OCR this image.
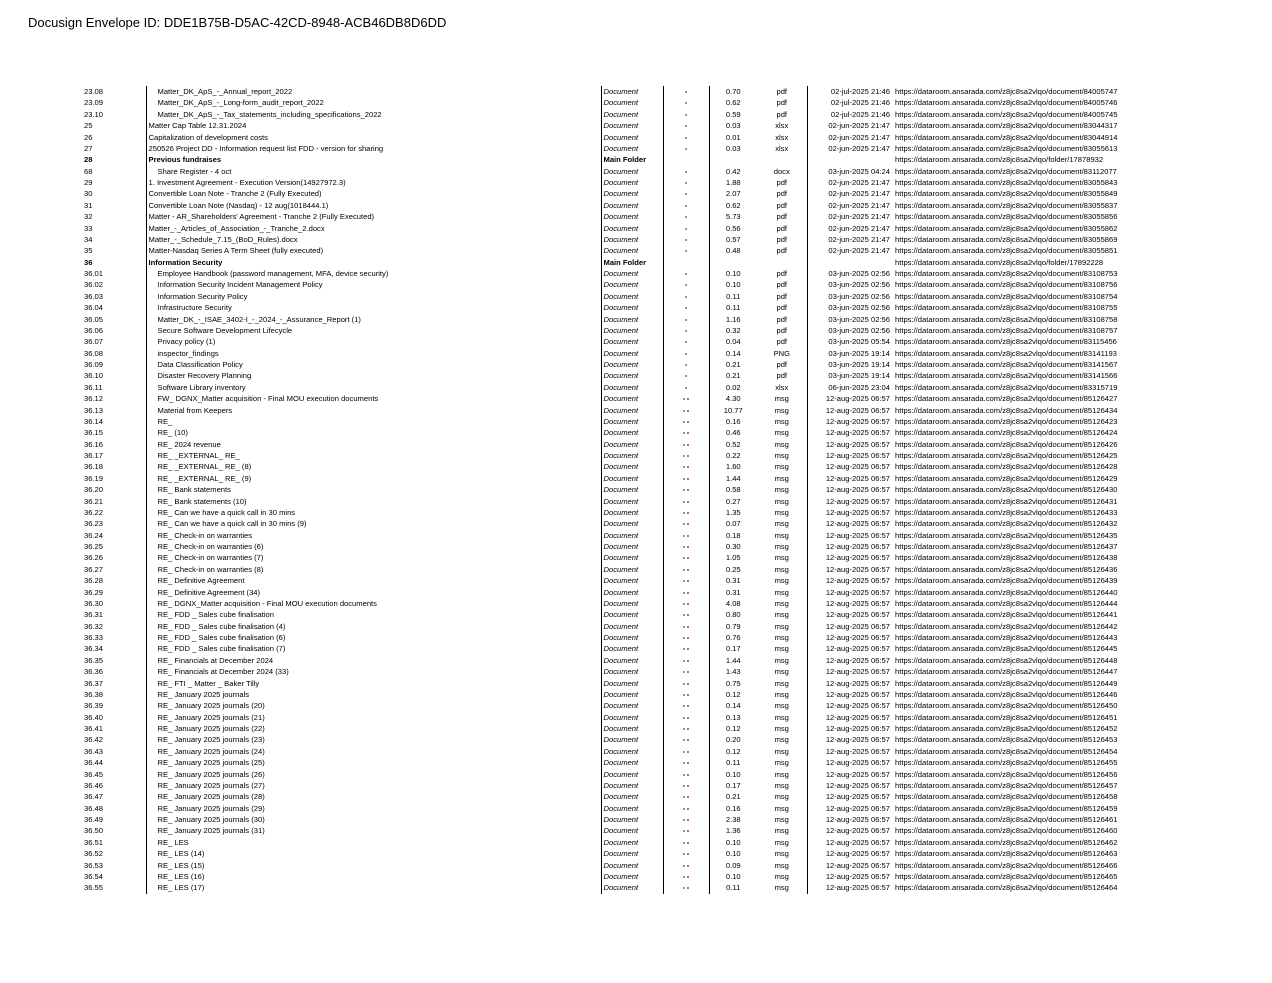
Docusign Envelope ID: DDE1B75B-D5AC-42CD-8948-ACB46DB8D6DD
23.08	Matter_DK_ApS_-_Annual_report_2022	Document		0.70	pdf	02-jul-2025 21:46	https://dataroom.ansarada.com/z8jc8sa2vlqo/document/84005747
23.09	Matter_DK_ApS_-_Long-form_audit_report_2022	Document		0.62	pdf	02-jul-2025 21:46	https://dataroom.ansarada.com/z8jc8sa2vlqo/document/84005746
23.10	Matter_DK_ApS_-_Tax_statements_including_specifications_2022	Document		0.59	pdf	02-jul-2025 21:46	https://dataroom.ansarada.com/z8jc8sa2vlqo/document/84005745
25	Matter Cap Table 12.31.2024	Document		0.03	xlsx	02-jun-2025 21:47	https://dataroom.ansarada.com/z8jc8sa2vlqo/document/83044317
26	Capitalization of development costs	Document		0.01	xlsx	02-jun-2025 21:47	https://dataroom.ansarada.com/z8jc8sa2vlqo/document/83044914
27	250526 Project DD - Information request list FDD - version for sharing	Document		0.03	xlsx	02-jun-2025 21:47	https://dataroom.ansarada.com/z8jc8sa2vlqo/document/83055613
28	Previous fundraises	Main Folder					https://dataroom.ansarada.com/z8jc8sa2vlqo/folder/17878932
68	Share Register - 4 oct	Document		0.42	docx	03-jun-2025 04:24	https://dataroom.ansarada.com/z8jc8sa2vlqo/document/83112077
29	1. Investment Agreement - Execution Version(14927972.3)	Document		1.88	pdf	02-jun-2025 21:47	https://dataroom.ansarada.com/z8jc8sa2vlqo/document/83055843
30	Convertible Loan Note - Tranche 2 (Fully Executed)	Document		2.07	pdf	02-jun-2025 21:47	https://dataroom.ansarada.com/z8jc8sa2vlqo/document/83055849
31	Convertible Loan Note (Nasdaq) - 12 aug(1018444.1)	Document		0.62	pdf	02-jun-2025 21:47	https://dataroom.ansarada.com/z8jc8sa2vlqo/document/83055837
32	Matter - AR_Shareholders' Agreement - Tranche 2 (Fully Executed)	Document		5.73	pdf	02-jun-2025 21:47	https://dataroom.ansarada.com/z8jc8sa2vlqo/document/83055856
33	Matter_-_Articles_of_Association_-_Tranche_2.docx	Document		0.56	pdf	02-jun-2025 21:47	https://dataroom.ansarada.com/z8jc8sa2vlqo/document/83055862
34	Matter_-_Schedule_7.15_(BoD_Rules).docx	Document		0.57	pdf	02-jun-2025 21:47	https://dataroom.ansarada.com/z8jc8sa2vlqo/document/83055869
35	Matter-Nasdaq Series A Term Sheet (fully executed)	Document		0.48	pdf	02-jun-2025 21:47	https://dataroom.ansarada.com/z8jc8sa2vlqo/document/83055851
36	Information Security	Main Folder					https://dataroom.ansarada.com/z8jc8sa2vlqo/folder/17892228
36.01	Employee Handbook (password management, MFA, device security)	Document		0.10	pdf	03-jun-2025 02:56	https://dataroom.ansarada.com/z8jc8sa2vlqo/document/83108753
36.02	Information Security Incident Management Policy	Document		0.10	pdf	03-jun-2025 02:56	https://dataroom.ansarada.com/z8jc8sa2vlqo/document/83108756
36.03	Information Security Policy	Document		0.11	pdf	03-jun-2025 02:56	https://dataroom.ansarada.com/z8jc8sa2vlqo/document/83108754
36.04	Infrastructure Security	Document		0.11	pdf	03-jun-2025 02:56	https://dataroom.ansarada.com/z8jc8sa2vlqo/document/83108755
36.05	Matter_DK_-_ISAE_3402-I_-_2024_-_Assurance_Report (1)	Document		1.16	pdf	03-jun-2025 02:56	https://dataroom.ansarada.com/z8jc8sa2vlqo/document/83108758
36.06	Secure Software Development Lifecycle	Document		0.32	pdf	03-jun-2025 02:56	https://dataroom.ansarada.com/z8jc8sa2vlqo/document/83108757
36.07	Privacy policy (1)	Document		0.04	pdf	03-jun-2025 05:54	https://dataroom.ansarada.com/z8jc8sa2vlqo/document/83115456
36.08	inspector_findings	Document		0.14	PNG	03-jun-2025 19:14	https://dataroom.ansarada.com/z8jc8sa2vlqo/document/83141193
36.09	Data Classification Policy	Document		0.21	pdf	03-jun-2025 19:14	https://dataroom.ansarada.com/z8jc8sa2vlqo/document/83141567
36.10	Disaster Recovery Planning	Document		0.21	pdf	03-jun-2025 19:14	https://dataroom.ansarada.com/z8jc8sa2vlqo/document/83141566
36.11	Software Library inventory	Document		0.02	xlsx	06-jun-2025 23:04	https://dataroom.ansarada.com/z8jc8sa2vlqo/document/83315719
36.12	FW_ DGNX_Matter acquisition - Final MOU execution documents	Document		4.30	msg	12-aug-2025 06:57	https://dataroom.ansarada.com/z8jc8sa2vlqo/document/85126427
36.13	Material from Keepers	Document		10.77	msg	12-aug-2025 06:57	https://dataroom.ansarada.com/z8jc8sa2vlqo/document/85126434
36.14	RE_	Document		0.16	msg	12-aug-2025 06:57	https://dataroom.ansarada.com/z8jc8sa2vlqo/document/85126423
36.15	RE_ (10)	Document		0.46	msg	12-aug-2025 06:57	https://dataroom.ansarada.com/z8jc8sa2vlqo/document/85126424
36.16	RE_ 2024 revenue	Document		0.52	msg	12-aug-2025 06:57	https://dataroom.ansarada.com/z8jc8sa2vlqo/document/85126426
36.17	RE_ _EXTERNAL_ RE_	Document		0.22	msg	12-aug-2025 06:57	https://dataroom.ansarada.com/z8jc8sa2vlqo/document/85126425
36.18	RE_ _EXTERNAL_ RE_ (8)	Document		1.60	msg	12-aug-2025 06:57	https://dataroom.ansarada.com/z8jc8sa2vlqo/document/85126428
36.19	RE_ _EXTERNAL_ RE_ (9)	Document		1.44	msg	12-aug-2025 06:57	https://dataroom.ansarada.com/z8jc8sa2vlqo/document/85126429
36.20	RE_ Bank statements	Document		0.58	msg	12-aug-2025 06:57	https://dataroom.ansarada.com/z8jc8sa2vlqo/document/85126430
36.21	RE_ Bank statements (10)	Document		0.27	msg	12-aug-2025 06:57	https://dataroom.ansarada.com/z8jc8sa2vlqo/document/85126431
36.22	RE_ Can we have a quick call in 30 mins	Document		1.35	msg	12-aug-2025 06:57	https://dataroom.ansarada.com/z8jc8sa2vlqo/document/85126433
36.23	RE_ Can we have a quick call in 30 mins (9)	Document		0.07	msg	12-aug-2025 06:57	https://dataroom.ansarada.com/z8jc8sa2vlqo/document/85126432
36.24	RE_ Check-in on warranties	Document		0.18	msg	12-aug-2025 06:57	https://dataroom.ansarada.com/z8jc8sa2vlqo/document/85126435
36.25	RE_ Check-in on warranties (6)	Document		0.30	msg	12-aug-2025 06:57	https://dataroom.ansarada.com/z8jc8sa2vlqo/document/85126437
36.26	RE_ Check-in on warranties (7)	Document		1.05	msg	12-aug-2025 06:57	https://dataroom.ansarada.com/z8jc8sa2vlqo/document/85126438
36.27	RE_ Check-in on warranties (8)	Document		0.25	msg	12-aug-2025 06:57	https://dataroom.ansarada.com/z8jc8sa2vlqo/document/85126436
36.28	RE_ Definitive Agreement	Document		0.31	msg	12-aug-2025 06:57	https://dataroom.ansarada.com/z8jc8sa2vlqo/document/85126439
36.29	RE_ Definitive Agreement (34)	Document		0.31	msg	12-aug-2025 06:57	https://dataroom.ansarada.com/z8jc8sa2vlqo/document/85126440
36.30	RE_ DGNX_Matter acquisition - Final MOU execution documents	Document		4.08	msg	12-aug-2025 06:57	https://dataroom.ansarada.com/z8jc8sa2vlqo/document/85126444
36.31	RE_ FDD _ Sales cube finalisation	Document		0.80	msg	12-aug-2025 06:57	https://dataroom.ansarada.com/z8jc8sa2vlqo/document/85126441
36.32	RE_ FDD _ Sales cube finalisation (4)	Document		0.79	msg	12-aug-2025 06:57	https://dataroom.ansarada.com/z8jc8sa2vlqo/document/85126442
36.33	RE_ FDD _ Sales cube finalisation (6)	Document		0.76	msg	12-aug-2025 06:57	https://dataroom.ansarada.com/z8jc8sa2vlqo/document/85126443
36.34	RE_ FDD _ Sales cube finalisation (7)	Document		0.17	msg	12-aug-2025 06:57	https://dataroom.ansarada.com/z8jc8sa2vlqo/document/85126445
36.35	RE_ Financials at December 2024	Document		1.44	msg	12-aug-2025 06:57	https://dataroom.ansarada.com/z8jc8sa2vlqo/document/85126448
36.36	RE_ Financials at December 2024 (33)	Document		1.43	msg	12-aug-2025 06:57	https://dataroom.ansarada.com/z8jc8sa2vlqo/document/85126447
36.37	RE_ FTI _ Matter _ Baker Tilly	Document		0.75	msg	12-aug-2025 06:57	https://dataroom.ansarada.com/z8jc8sa2vlqo/document/85126449
36.38	RE_ January 2025 journals	Document		0.12	msg	12-aug-2025 06:57	https://dataroom.ansarada.com/z8jc8sa2vlqo/document/85126446
36.39	RE_ January 2025 journals (20)	Document		0.14	msg	12-aug-2025 06:57	https://dataroom.ansarada.com/z8jc8sa2vlqo/document/85126450
36.40	RE_ January 2025 journals (21)	Document		0.13	msg	12-aug-2025 06:57	https://dataroom.ansarada.com/z8jc8sa2vlqo/document/85126451
36.41	RE_ January 2025 journals (22)	Document		0.12	msg	12-aug-2025 06:57	https://dataroom.ansarada.com/z8jc8sa2vlqo/document/85126452
36.42	RE_ January 2025 journals (23)	Document		0.20	msg	12-aug-2025 06:57	https://dataroom.ansarada.com/z8jc8sa2vlqo/document/85126453
36.43	RE_ January 2025 journals (24)	Document		0.12	msg	12-aug-2025 06:57	https://dataroom.ansarada.com/z8jc8sa2vlqo/document/85126454
36.44	RE_ January 2025 journals (25)	Document		0.11	msg	12-aug-2025 06:57	https://dataroom.ansarada.com/z8jc8sa2vlqo/document/85126455
36.45	RE_ January 2025 journals (26)	Document		0.10	msg	12-aug-2025 06:57	https://dataroom.ansarada.com/z8jc8sa2vlqo/document/85126456
36.46	RE_ January 2025 journals (27)	Document		0.17	msg	12-aug-2025 06:57	https://dataroom.ansarada.com/z8jc8sa2vlqo/document/85126457
36.47	RE_ January 2025 journals (28)	Document		0.21	msg	12-aug-2025 06:57	https://dataroom.ansarada.com/z8jc8sa2vlqo/document/85126458
36.48	RE_ January 2025 journals (29)	Document		0.16	msg	12-aug-2025 06:57	https://dataroom.ansarada.com/z8jc8sa2vlqo/document/85126459
36.49	RE_ January 2025 journals (30)	Document		2.38	msg	12-aug-2025 06:57	https://dataroom.ansarada.com/z8jc8sa2vlqo/document/85126461
36.50	RE_ January 2025 journals (31)	Document		1.36	msg	12-aug-2025 06:57	https://dataroom.ansarada.com/z8jc8sa2vlqo/document/85126460
36.51	RE_ LES	Document		0.10	msg	12-aug-2025 06:57	https://dataroom.ansarada.com/z8jc8sa2vlqo/document/85126462
36.52	RE_ LES (14)	Document		0.10	msg	12-aug-2025 06:57	https://dataroom.ansarada.com/z8jc8sa2vlqo/document/85126463
36.53	RE_ LES (15)	Document		0.09	msg	12-aug-2025 06:57	https://dataroom.ansarada.com/z8jc8sa2vlqo/document/85126466
36.54	RE_ LES (16)	Document		0.10	msg	12-aug-2025 06:57	https://dataroom.ansarada.com/z8jc8sa2vlqo/document/85126465
36.55	RE_ LES (17)	Document		0.11	msg	12-aug-2025 06:57	https://dataroom.ansarada.com/z8jc8sa2vlqo/document/85126464
